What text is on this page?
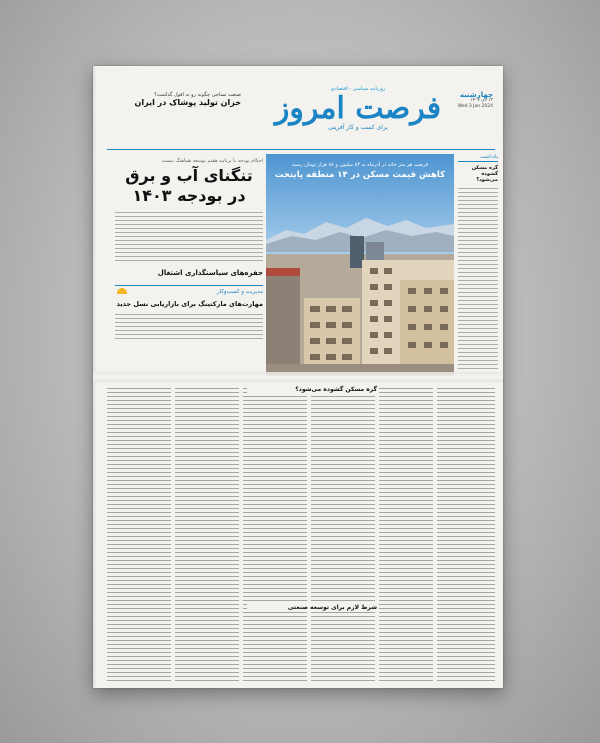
صنعت نساجی چگونه رو به افول گذاشت؟
خزان تولید پوشاک در ایران
روزنامه سیاسی - اقتصادی
فرصت امروز
برای کسب و کار آفرینی
چهارشنبه
۱۳ دی ۱۴۰۲
Wed 3 Jan 2024
احکام بودجه با برنامه هفتم توسعه هماهنگ نیست
تنگنای آب و برق
در بودجه ۱۴۰۳
حفره‌های سیاستگذاری اشتغال
مدیریت و کسب‌وکار
مهارت‌های مارکتینگ برای بازاریابی نسل جدید
فرصت هر متر خانه در آذرماه به ۸۴ میلیون و ۸۸ هزار تومان رسید
کاهش قیمت مسکن در ۱۴ منطقه پایتخت
یادداشت
گره مسکن گشوده می‌شود؟
گره مسکن گشوده می‌شود؟
شرط لازم برای توسعه صنعتی
